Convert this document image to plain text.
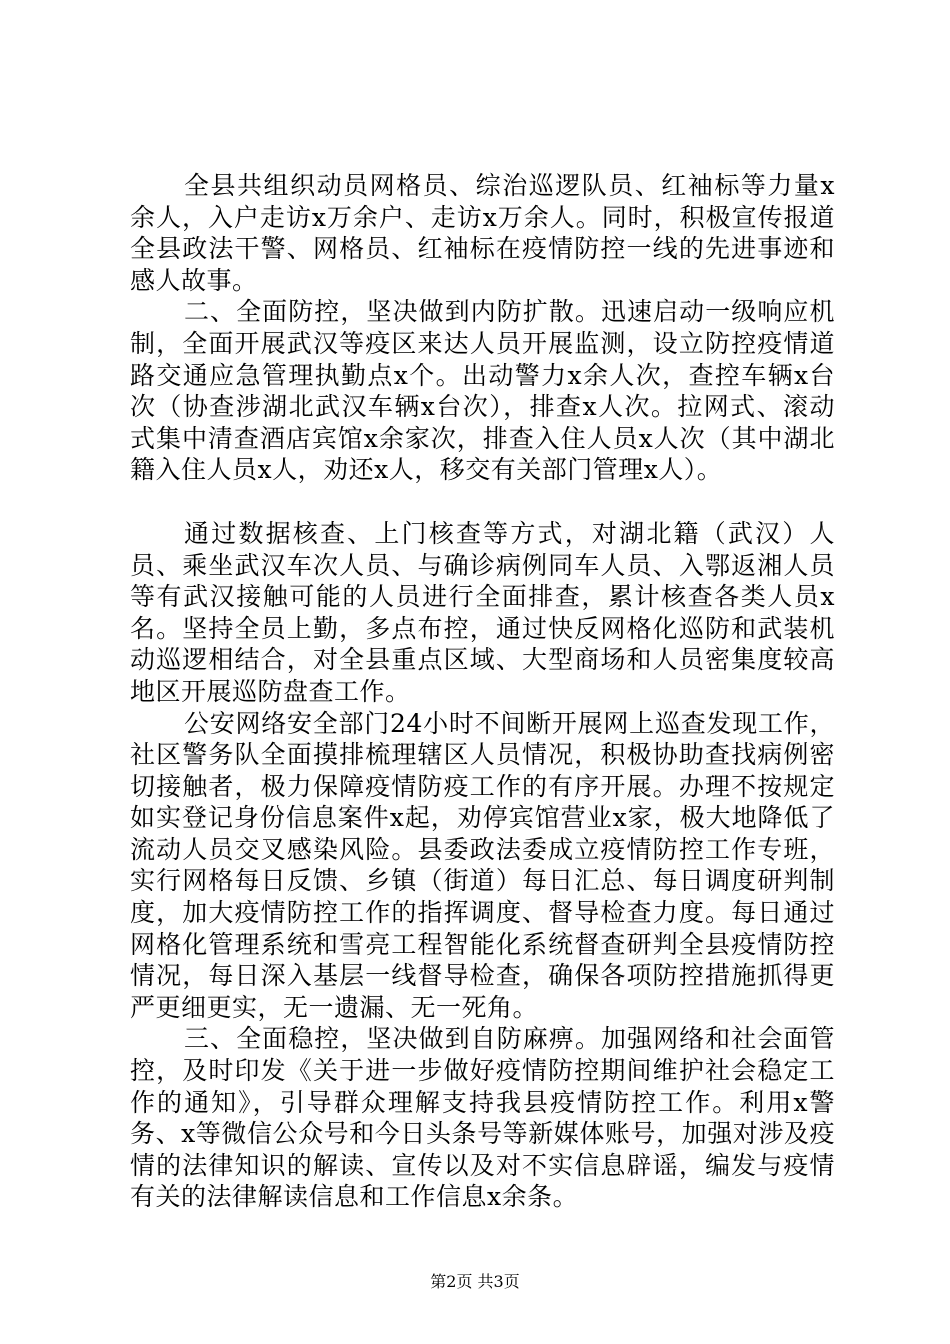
全县共组织动员网格员、综治巡逻队员、红袖标等力量x余人，入户走访x万余户、走访x万余人。同时，积极宣传报道全县政法干警、网格员、红袖标在疫情防控一线的先进事迹和感人故事。

二、全面防控，坚决做到内防扩散。迅速启动一级响应机制，全面开展武汉等疫区来达人员开展监测，设立防控疫情道路交通应急管理执勤点x个。出动警力x余人次，查控车辆x台次（协查涉湖北武汉车辆x台次），排查x人次。拉网式、滚动式集中清查酒店宾馆x余家次，排查入住人员x人次（其中湖北籍入住人员x人，劝还x人，移交有关部门管理x人）。

通过数据核查、上门核查等方式，对湖北籍（武汉）人员、乘坐武汉车次人员、与确诊病例同车人员、入鄂返湘人员等有武汉接触可能的人员进行全面排查，累计核查各类人员x名。坚持全员上勤，多点布控，通过快反网格化巡防和武装机动巡逻相结合，对全县重点区域、大型商场和人员密集度较高地区开展巡防盘查工作。

公安网络安全部门24小时不间断开展网上巡查发现工作，社区警务队全面摸排梳理辖区人员情况，积极协助查找病例密切接触者，极力保障疫情防疫工作的有序开展。办理不按规定如实登记身份信息案件x起，劝停宾馆营业x家，极大地降低了流动人员交叉感染风险。县委政法委成立疫情防控工作专班，实行网格每日反馈、乡镇（街道）每日汇总、每日调度研判制度，加大疫情防控工作的指挥调度、督导检查力度。每日通过网格化管理系统和雪亮工程智能化系统督查研判全县疫情防控情况，每日深入基层一线督导检查，确保各项防控措施抓得更严更细更实，无一遗漏、无一死角。

三、全面稳控，坚决做到自防麻痹。加强网络和社会面管控，及时印发《关于进一步做好疫情防控期间维护社会稳定工作的通知》，引导群众理解支持我县疫情防控工作。利用x警务、x等微信公众号和今日头条号等新媒体账号，加强对涉及疫情的法律知识的解读、宣传以及对不实信息辟谣，编发与疫情有关的法律解读信息和工作信息x余条。

第2页 共3页
